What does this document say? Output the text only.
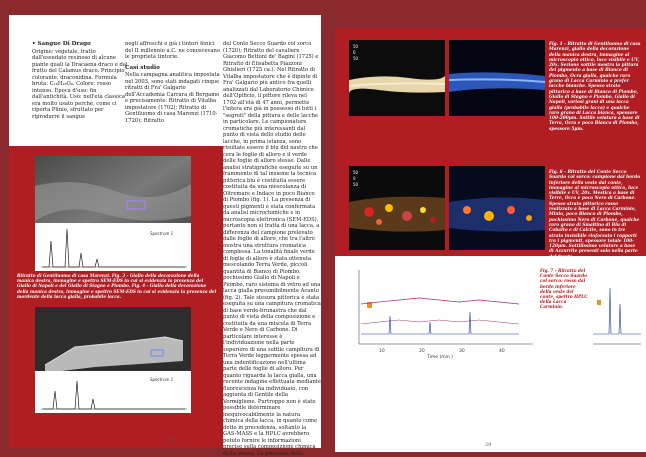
• Sangue Di Drago

Origine: vegetale, tratto dall'essudato resinoso di alcune piante quali la Dracaena draco e dal frutto del Calamus draco. Principio colorante: draconidina. Formula bruta: C₁₈H₁₈O₄. Colore: rosso intenso. Epoca d'uso: fin dall'antichità. Uso: nell'età classica era molto usato perché, come ci riporta Plinio, sfruttato per riprodurre il sangue

negli affreschi e già i tintori fenici del II millennio a.C. ne conoscevano le proprietà tintorie.

Casi studio

Nella campagna analitica impostata nel 2003, sono stati indagati cinque ritratti di Fra' Galgario dell'Accademia Carrara di Bergamo e precisamente: Ritratto di Vitalba impostatore (1702); Ritratto di Gentiluomo di casa Marenzi (1710-1720); Ritratto

del Conte Secco Suardo col sorco (1720); Ritratto del cavaliere Giacomo Bettoni de' Bagini (1725) e Ritratto di Elisabetta Piazzoni Ghislieri (1725 ca.). Nel Ritratto di Vitalba impostatore che è dipinto di Fra' Galgario più antico fra quelli analizzati dal Laboratorio Chimico dell'Opificio, il pittore rileva nel 1702 all'età di 47 anni, permette l'intera era già in possesso di tutti i "segreti" della pittura e delle lacche in particolare. Le campionature cromatiche più interessanti dal punto di vista dello studio delle lacche, in prima istanza, sono risultate essere il blu del nastro che cera le foglie di alloro e il verde delle foglie di alloro stesse. Dalle analisi stratigrafiche eseguite su un frammento di tal insieme la tecnica pittorica blu è costituita essere costituita da una mescolanza di Oltremare e Indaco in poco Bianco di Piombo (fig. 1). La presenza di questi pigmenti è stata confermata da analisi microchimiche e in microscopia elettronica (SEM-EDS), pertanto non si tratta di una lacca, a differenza del campione prelevato dalle foglie di alloro, che tra l'altro mostra una struttura cromatica complessa. La tonalità finale verde di foglie di alloro è stata ottenuta mescolando Terra Verde, piccoli quantità di Bianco di Piombo, pochissimo Giallo di Napoli e Piombo, raro sistema di vetro ad una lacca gialla presumibilmente Acanto (fig. 2). Tale stesura pittorica è stata eseguita su una campitura cromatica di base verde-brunastra che dal punto di vista della composizione e costituita da una miscela di Terra Verde e Nero di Carbone. Di particolare interesse è l'individuazione nella parte superiore di una sottile campitura di Terra Verde leggermente spessa ad una indentificazione nell'ultima parte delle foglie di alloro. Per quanto riguarda la lacca gialla, una recente indagine effettuata mediante fluorescenza ha individuato, con aggiunta di Gentile della Vermiglione. Purtroppo non è stato possibile determinare inequivocabilmente la natura chimica della lacca, in quanto come detto in precedenza, soltanto la GAS-MASS e la HPLC avrebbero potuto fornire le informazioni precise sulla composizione chimica della stessa. La presenza della

Spectrum 1
Ritratto di Gentiluomo di casa Marenzi. Fig. 3 - Giallo della decorazione della manica destra, immagine e spettro SEM-EDS in cui si evidenzia la presenza del Giallo di Napoli e del Giallo di Stagno e Piombo. Fig. 4 - Giallo della decorazione della manica destra, immagine e spettro SEM-EDS in cui si evidenzia la presenza del mordente della lacca gialla, probabile lacca.
Spectrum 1
28
50
0
50
Fig. 1 - Ritratto di Gentiluomo di casa Marenzi, giallo della decorazione della manica destra, immagine al microscopio ottico, luce visibile e UV, 20x. Sezione sottile mostra la pittura del pigmento a base di Bianco di Piombo, Ocra gialla, qualche raro grano di Lacca Carminio a prefer lacche bianche. Spesso strato pittorico a base di Bianco di Piombo, Giallo di Stagno e Piombo, Giallo di Napoli, variosi grani di una lacca gialla (probabile lacca) e qualche raro grano di Lacca bianca, spessore 100-200μm. Sottile velatura a base di Terra, Ocra e poco Bianco di Piombo, spessore 5μm.
50
0
50
Fig. 6 - Ritratto del Conte Secco Suardo col sorco: campione dal bordo inferiore della veste dal conte, immagine al microscopio ottico, luce visibile e UV, 20x. Mestica a base di Terre, Ocra e poco Nero di Carbone. Spesso strato pittorico rosso realizzato a base di Lacca Carminio, Minio, poco Bianco di Piombo, pochissimo Nero di Carbone, qualche raro grano di Smaltino di Blu di Cobalto e di Calcite, sono in tre strato invisibile rinforzato i rapporti tra i pigmenti, spessore totale 100-120μm. Sottilissime velature a base di Azzurrite presenti solo nella parte del fronte.
10	20	30	40
Time (min.)
Fig. 7 - Ritratto del Conte Secco Suardo col sorco: rosso dal bordo inferiore della veste del conte, spettro HPLC della Lacca Carminio.
29
